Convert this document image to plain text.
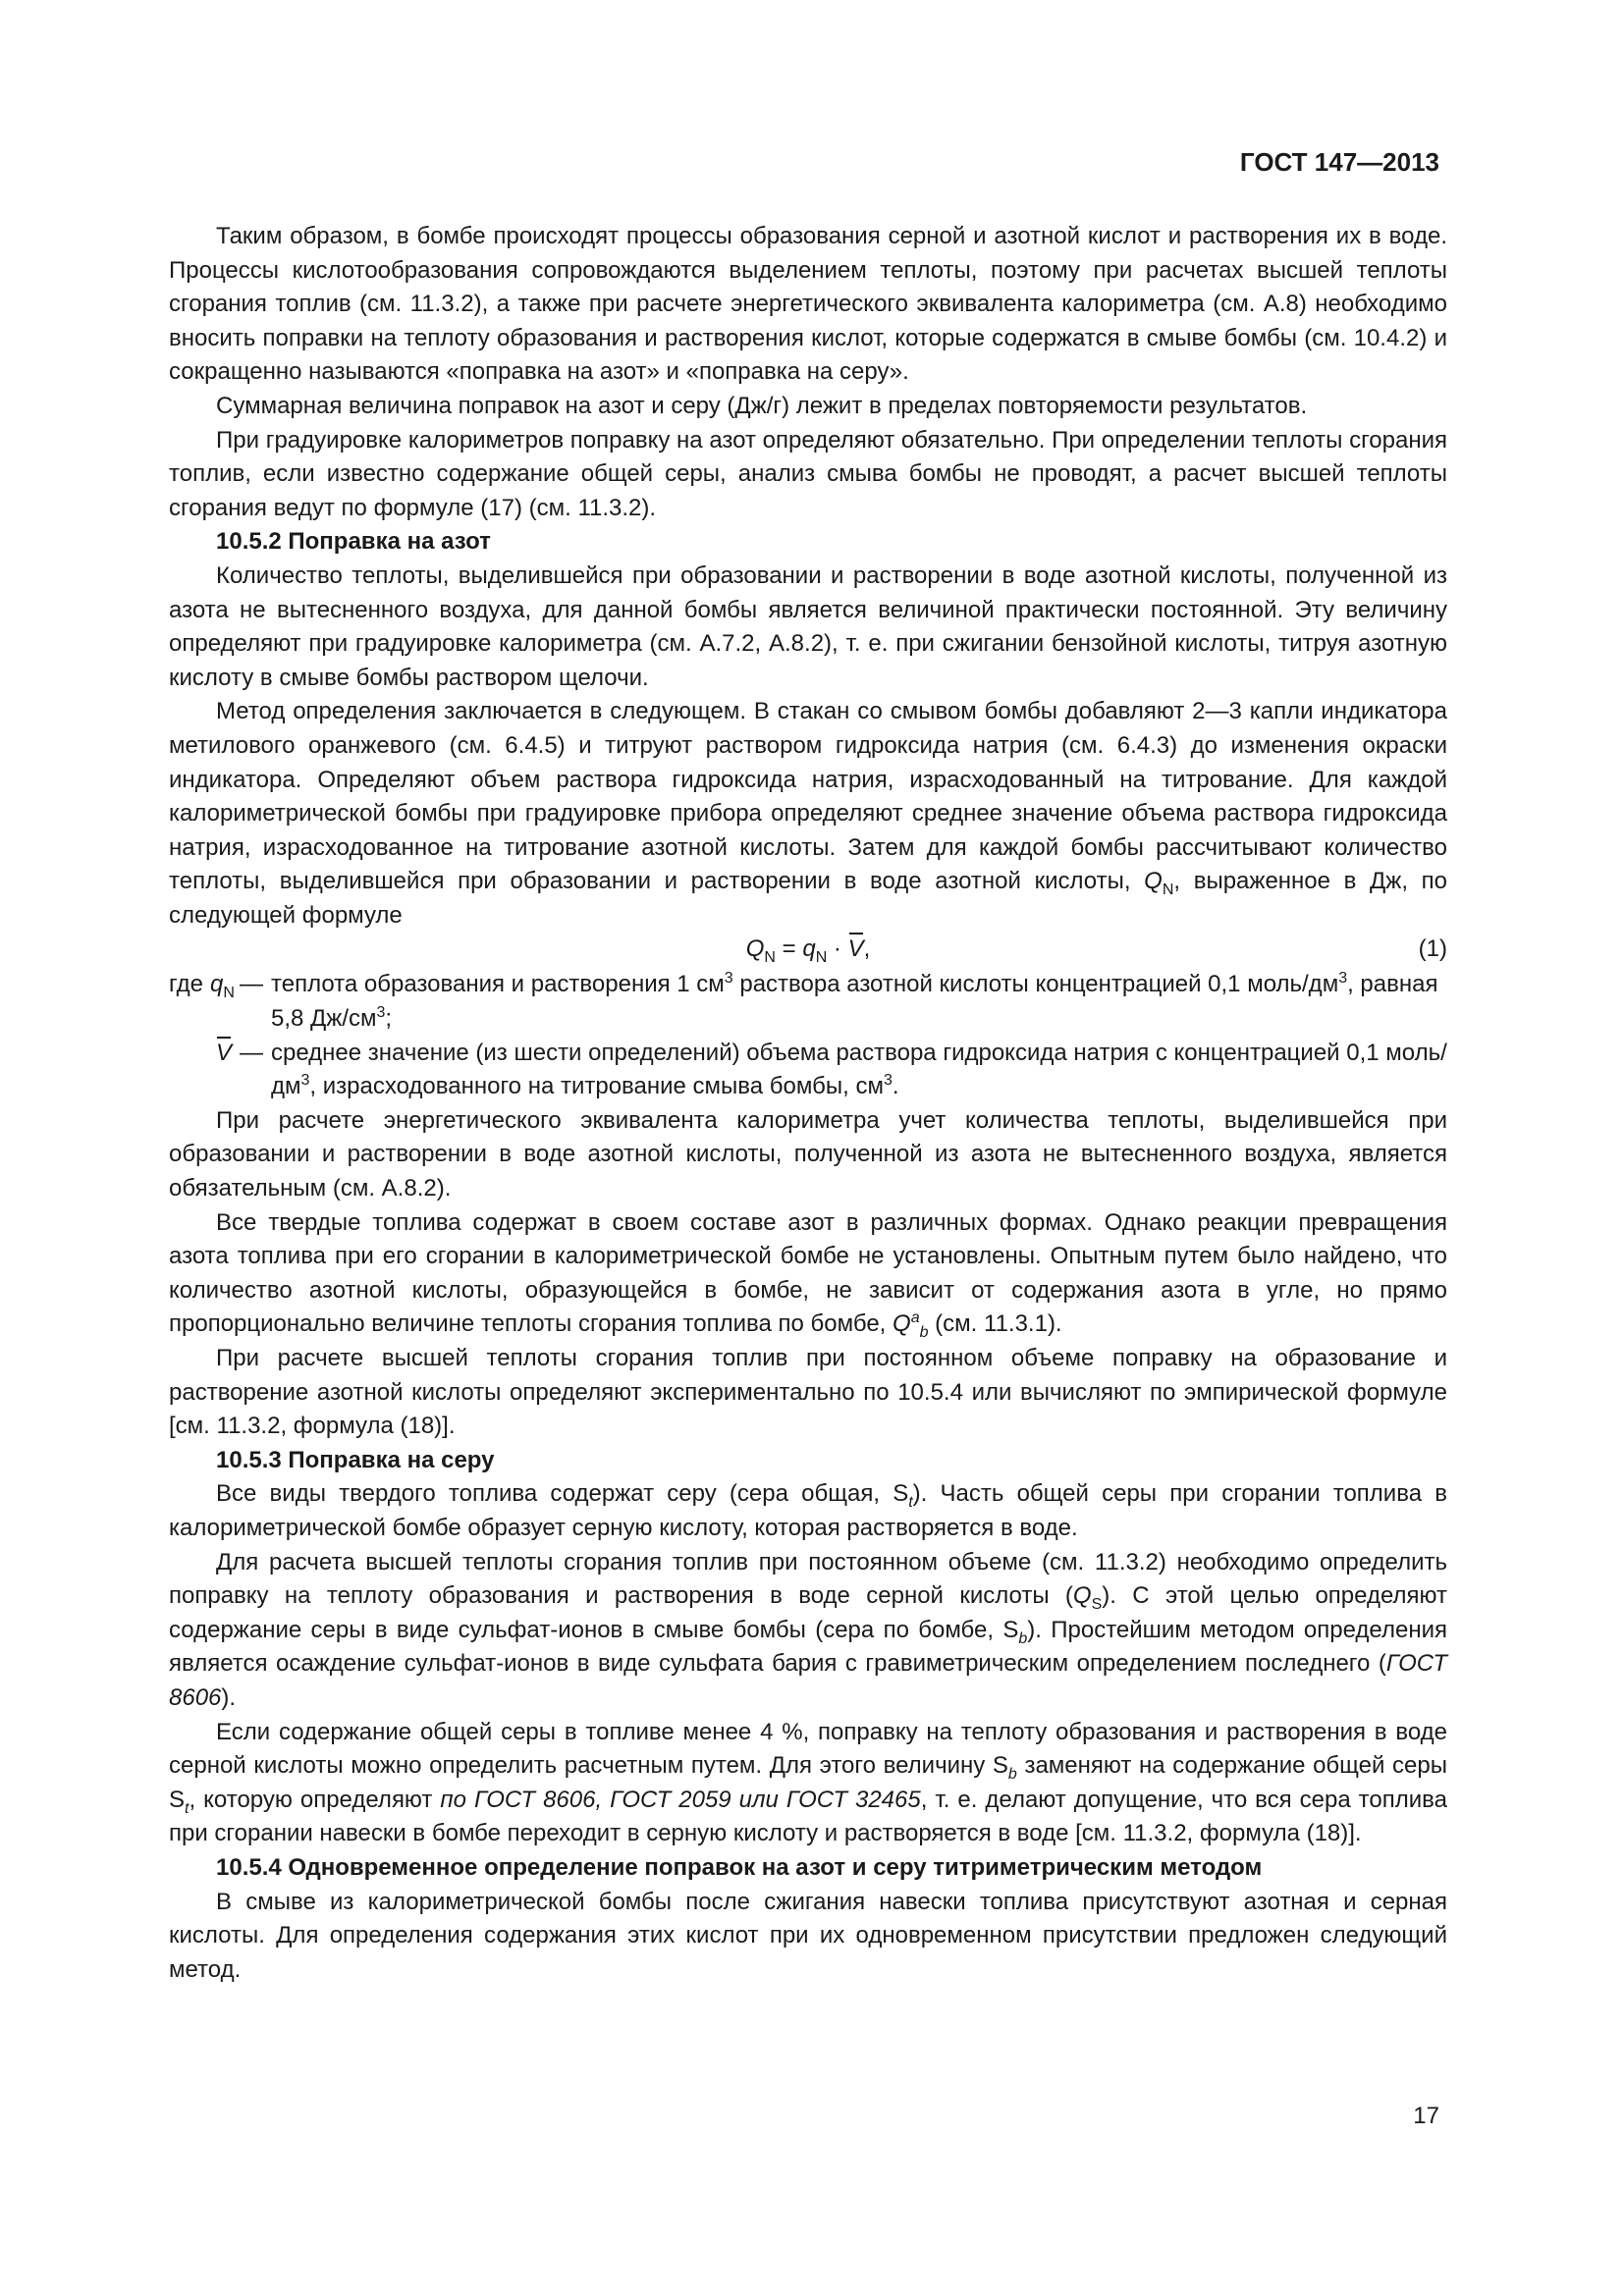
ГОСТ 147—2013

Таким образом, в бомбе происходят процессы образования серной и азотной кислот и растворения их в воде. Процессы кислотообразования сопровождаются выделением теплоты, поэтому при расчетах высшей теплоты сгорания топлив (см. 11.3.2), а также при расчете энергетического эквивалента калориметра (см. А.8) необходимо вносить поправки на теплоту образования и растворения кислот, которые содержатся в смыве бомбы (см. 10.4.2) и сокращенно называются «поправка на азот» и «поправка на серу».

Суммарная величина поправок на азот и серу (Дж/г) лежит в пределах повторяемости результатов.

При градуировке калориметров поправку на азот определяют обязательно. При определении теплоты сгорания топлив, если известно содержание общей серы, анализ смыва бомбы не проводят, а расчет высшей теплоты сгорания ведут по формуле (17) (см. 11.3.2).

10.5.2 Поправка на азот

Количество теплоты, выделившейся при образовании и растворении в воде азотной кислоты, полученной из азота не вытесненного воздуха, для данной бомбы является величиной практически постоянной. Эту величину определяют при градуировке калориметра (см. А.7.2, А.8.2), т. е. при сжигании бензойной кислоты, титруя азотную кислоту в смыве бомбы раствором щелочи.

Метод определения заключается в следующем. В стакан со смывом бомбы добавляют 2—3 капли индикатора метилового оранжевого (см. 6.4.5) и титруют раствором гидроксида натрия (см. 6.4.3) до изменения окраски индикатора. Определяют объем раствора гидроксида натрия, израсходованный на титрование. Для каждой калориметрической бомбы при градуировке прибора определяют среднее значение объема раствора гидроксида натрия, израсходованное на титрование азотной кислоты. Затем для каждой бомбы рассчитывают количество теплоты, выделившейся при образовании и растворении в воде азотной кислоты, $Q_N$, выраженное в Дж, по следующей формуле

$Q_N = q_N \cdot V$,	(1)
где $q_N$ — теплота образования и растворения 1 $см^3$ раствора азотной кислоты концентрацией 0,1 моль/$дм^3$, равная 5,8 $Дж/см^3$;
V — среднее значение (из шести определений) объема раствора гидроксида натрия с концентрацией 0,1 моль/$дм^3$, израсходованного на титрование смыва бомбы, $см^3$.

При расчете энергетического эквивалента калориметра учет количества теплоты, выделившейся при образовании и растворении в воде азотной кислоты, полученной из азота не вытесненного воздуха, является обязательным (см. А.8.2).

Все твердые топлива содержат в своем составе азот в различных формах. Однако реакции превращения азота топлива при его сгорании в калориметрической бомбе не установлены. Опытным путем было найдено, что количество азотной кислоты, образующейся в бомбе, не зависит от содержания азота в угле, но прямо пропорционально величине теплоты сгорания топлива по бомбе, $Q^a_b$ (см. 11.3.1).

При расчете высшей теплоты сгорания топлив при постоянном объеме поправку на образование и растворение азотной кислоты определяют экспериментально по 10.5.4 или вычисляют по эмпирической формуле [см. 11.3.2, формула (18)].

10.5.3 Поправка на серу

Все виды твердого топлива содержат серу (сера общая, $S_t$). Часть общей серы при сгорании топлива в калориметрической бомбе образует серную кислоту, которая растворяется в воде.

Для расчета высшей теплоты сгорания топлив при постоянном объеме (см. 11.3.2) необходимо определить поправку на теплоту образования и растворения в воде серной кислоты $(Q_S)$. С этой целью определяют содержание серы в виде сульфат-ионов в смыве бомбы (сера по бомбе, $S_b$). Простейшим методом определения является осаждение сульфат-ионов в виде сульфата бария с гравиметрическим определением последнего (ГОСТ 8606).

Если содержание общей серы в топливе менее 4 %, поправку на теплоту образования и растворения в воде серной кислоты можно определить расчетным путем. Для этого величину $S_b$ заменяют на содержание общей серы $S_t$, которую определяют по ГОСТ 8606, ГОСТ 2059 или ГОСТ 32465, т. е. делают допущение, что вся сера топлива при сгорании навески в бомбе переходит в серную кислоту и растворяется в воде [см. 11.3.2, формула (18)].

10.5.4 Одновременное определение поправок на азот и серу титриметрическим методом

В смыве из калориметрической бомбы после сжигания навески топлива присутствуют азотная и серная кислоты. Для определения содержания этих кислот при их одновременном присутствии предложен следующий метод.

17
